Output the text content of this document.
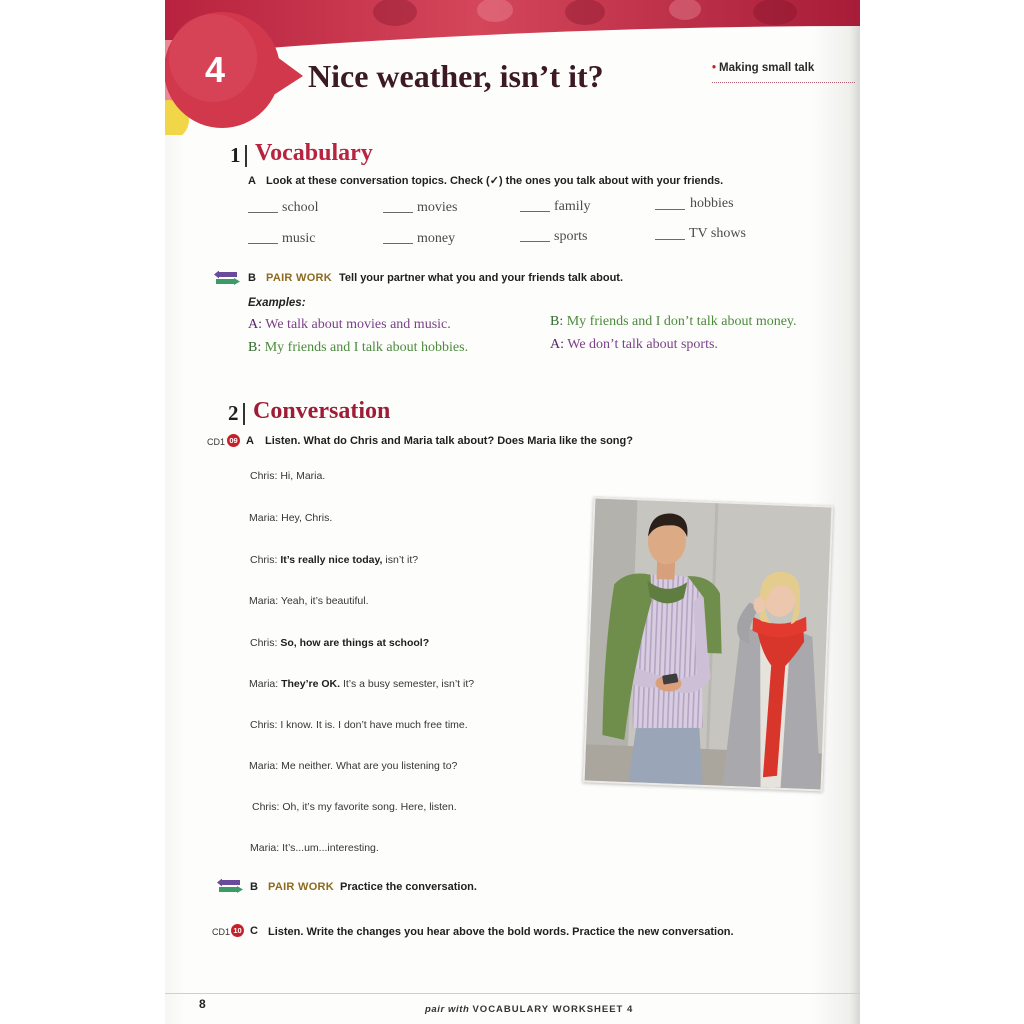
4	Nice weather, isn’t it?	• Making small talk
1 Vocabulary
A Look at these conversation topics. Check (✓) the ones you talk about with your friends.
school	movies	family	hobbies
music	money	sports	TV shows
B PAIR WORK Tell your partner what you and your friends talk about.
Examples:
A: We talk about movies and music.
B: My friends and I talk about hobbies.
B: My friends and I don’t talk about money.
A: We don’t talk about sports.
2 Conversation
CD1 09 A Listen. What do Chris and Maria talk about? Does Maria like the song?
Chris: Hi, Maria.
Maria: Hey, Chris.
Chris: It’s really nice today, isn’t it?
Maria: Yeah, it’s beautiful.
Chris: So, how are things at school?
Maria: They’re OK. It’s a busy semester, isn’t it?
Chris: I know. It is. I don’t have much free time.
Maria: Me neither. What are you listening to?
Chris: Oh, it’s my favorite song. Here, listen.
Maria: It’s...um...interesting.
B PAIR WORK Practice the conversation.
CD1 10 C Listen. Write the changes you hear above the bold words. Practice the new conversation.
8	pair with VOCABULARY WORKSHEET 4
